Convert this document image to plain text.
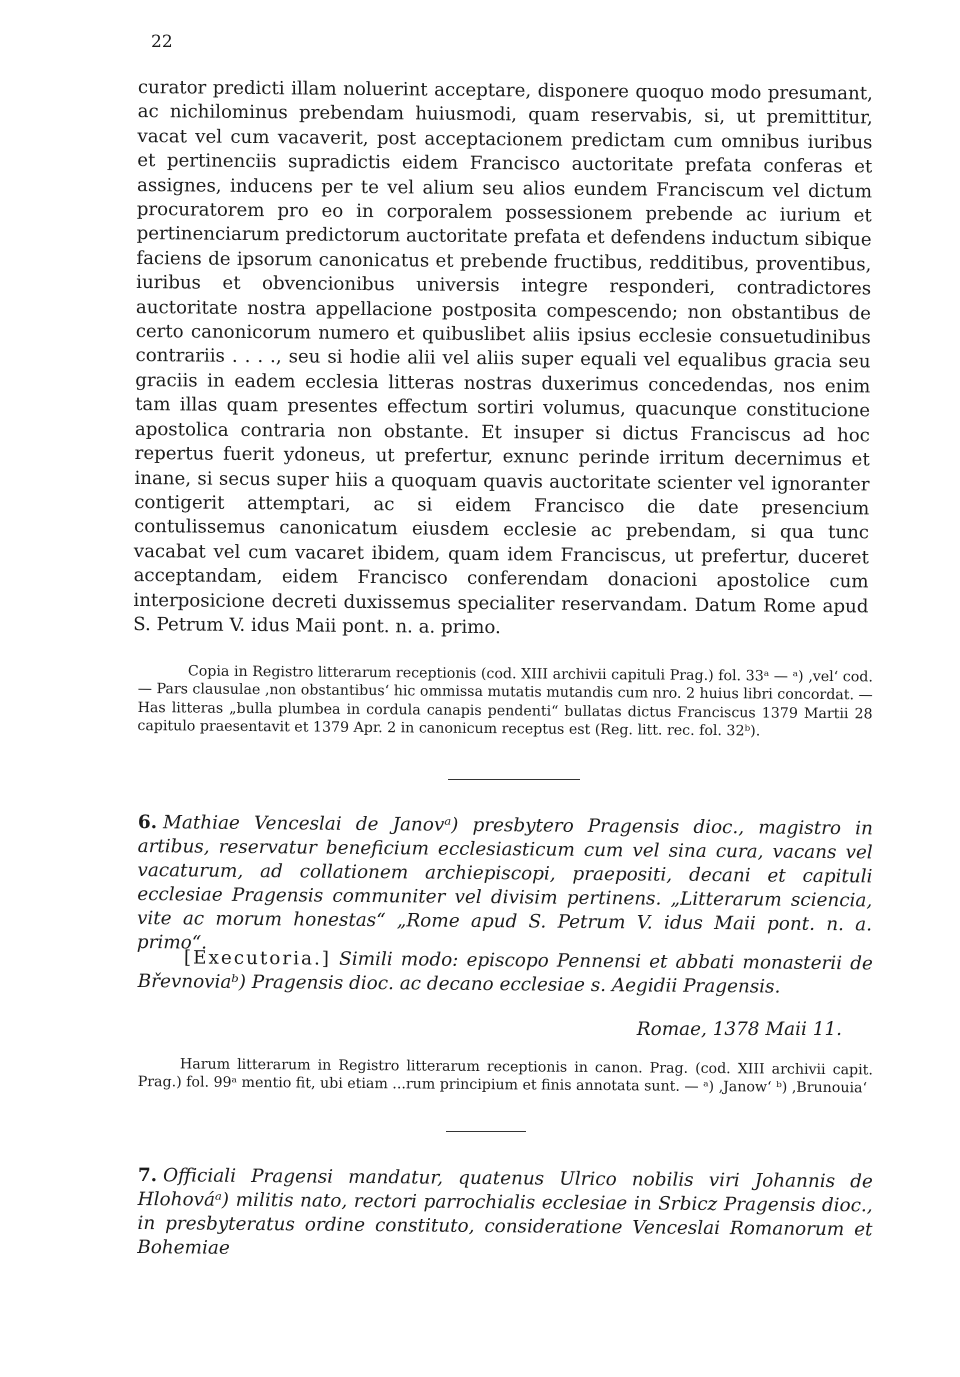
22
curator predicti illam noluerint acceptare, disponere quoquo modo presumant, ac nichilominus prebendam huiusmodi, quam reservabis, si, ut premittitur, vacat vel cum vacaverit, post acceptacionem predictam cum omnibus iuribus et pertinenciis supradictis eidem Francisco auctoritate prefata conferas et assignes, inducens per te vel alium seu alios eundem Franciscum vel dictum procuratorem pro eo in corporalem possessionem prebende ac iurium et pertinenciarum predictorum auctoritate prefata et defendens inductum sibique faciens de ipsorum canonicatus et prebende fructibus, redditibus, proventibus, iuribus et obvencionibus universis integre responderi, contradictores auctoritate nostra appellacione postposita compescendo; non obstantibus de certo canonicorum numero et quibuslibet aliis ipsius ecclesie consuetudinibus contrariis . . . ., seu si hodie alii vel aliis super equali vel equalibus gracia seu graciis in eadem ecclesia litteras nostras duxerimus concedendas, nos enim tam illas quam presentes effectum sortiri volumus, quacunque constitucione apostolica contraria non obstante. Et insuper si dictus Franciscus ad hoc repertus fuerit ydoneus, ut prefertur, exnunc perinde irritum decernimus et inane, si secus super hiis a quoquam quavis auctoritate scienter vel ignoranter contigerit attemptari, ac si eidem Francisco die date presencium contulissemus canonicatum eiusdem ecclesie ac prebendam, si qua tunc vacabat vel cum vacaret ibidem, quam idem Franciscus, ut prefertur, duceret acceptandam, eidem Francisco conferendam donacioni apostolice cum interposicione decreti duxissemus specialiter reservandam. Datum Rome apud S. Petrum V. idus Maii pont. n. a. primo.
Copia in Registro litterarum receptionis (cod. XIII archivii capituli Prag.) fol. 33ᵃ — ᵃ) ‚vel‘ cod. — Pars clausulae ‚non obstantibus‘ hic ommissa mutatis mutandis cum nro. 2 huius libri concordat. — Has litteras „bulla plumbea in cordula canapis pendenti“ bullatas dictus Franciscus 1379 Martii 28 capitulo praesentavit et 1379 Apr. 2 in canonicum receptus est (Reg. litt. rec. fol. 32ᵇ).
6. Mathiae Venceslai de Janovᵃ) presbytero Pragensis dioc., magistro in artibus, reservatur beneficium ecclesiasticum cum vel sina cura, vacans vel vacaturum, ad collationem archiepiscopi, praepositi, decani et capituli ecclesiae Pragensis communiter vel divisim pertinens. „Litterarum sciencia, vite ac morum honestas“ „Rome apud S. Petrum V. idus Maii pont. n. a. primo“.
[Executoria.] Simili modo: episcopo Pennensi et abbati monasterii de Břevnoviaᵇ) Pragensis dioc. ac decano ecclesiae s. Aegidii Pragensis.
Romae, 1378 Maii 11.
Harum litterarum in Registro litterarum receptionis in canon. Prag. (cod. XIII archivii capit. Prag.) fol. 99ᵃ mentio fit, ubi etiam ...rum principium et finis annotata sunt. — ᵃ) ‚Janow‘ ᵇ) ‚Brunouia‘
7. Officiali Pragensi mandatur, quatenus Ulrico nobilis viri Johannis de Hlohováᵃ) militis nato, rectori parrochialis ecclesiae in Srbicz Pragensis dioc., in presbyteratus ordine constituto, consideratione Venceslai Romanorum et Bohemiae
